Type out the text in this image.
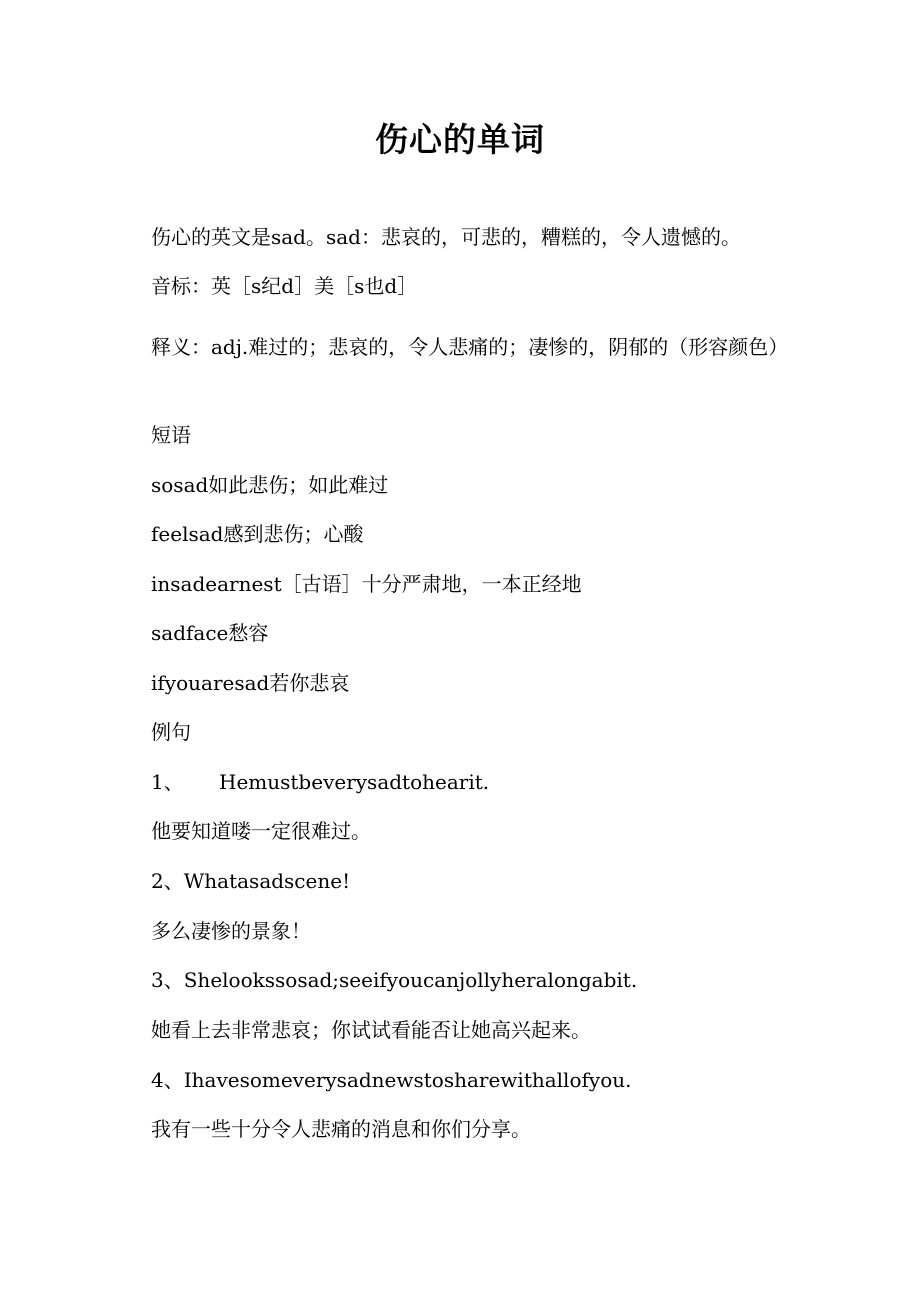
伤心的单词

伤心的英文是sad。sad：悲哀的，可悲的，糟糕的，令人遗憾的。

音标：英［s纪d］美［s也d］

释义：adj.难过的；悲哀的，令人悲痛的；凄惨的，阴郁的（形容颜色）

短语

sosad如此悲伤；如此难过

feelsad感到悲伤；心酸

insadearnest［古语］十分严肃地，一本正经地

sadface愁容

ifyouaresad若你悲哀

例句

1、 Hemustbeverysadtohearit.

他要知道喽一定很难过。

2、Whatasadscene!

多么凄惨的景象！

3、Shelookssosad;seeifyoucanjollyheralongabit.

她看上去非常悲哀；你试试看能否让她高兴起来。

4、Ihavesomeverysadnewstosharewithallofyou.

我有一些十分令人悲痛的消息和你们分享。
